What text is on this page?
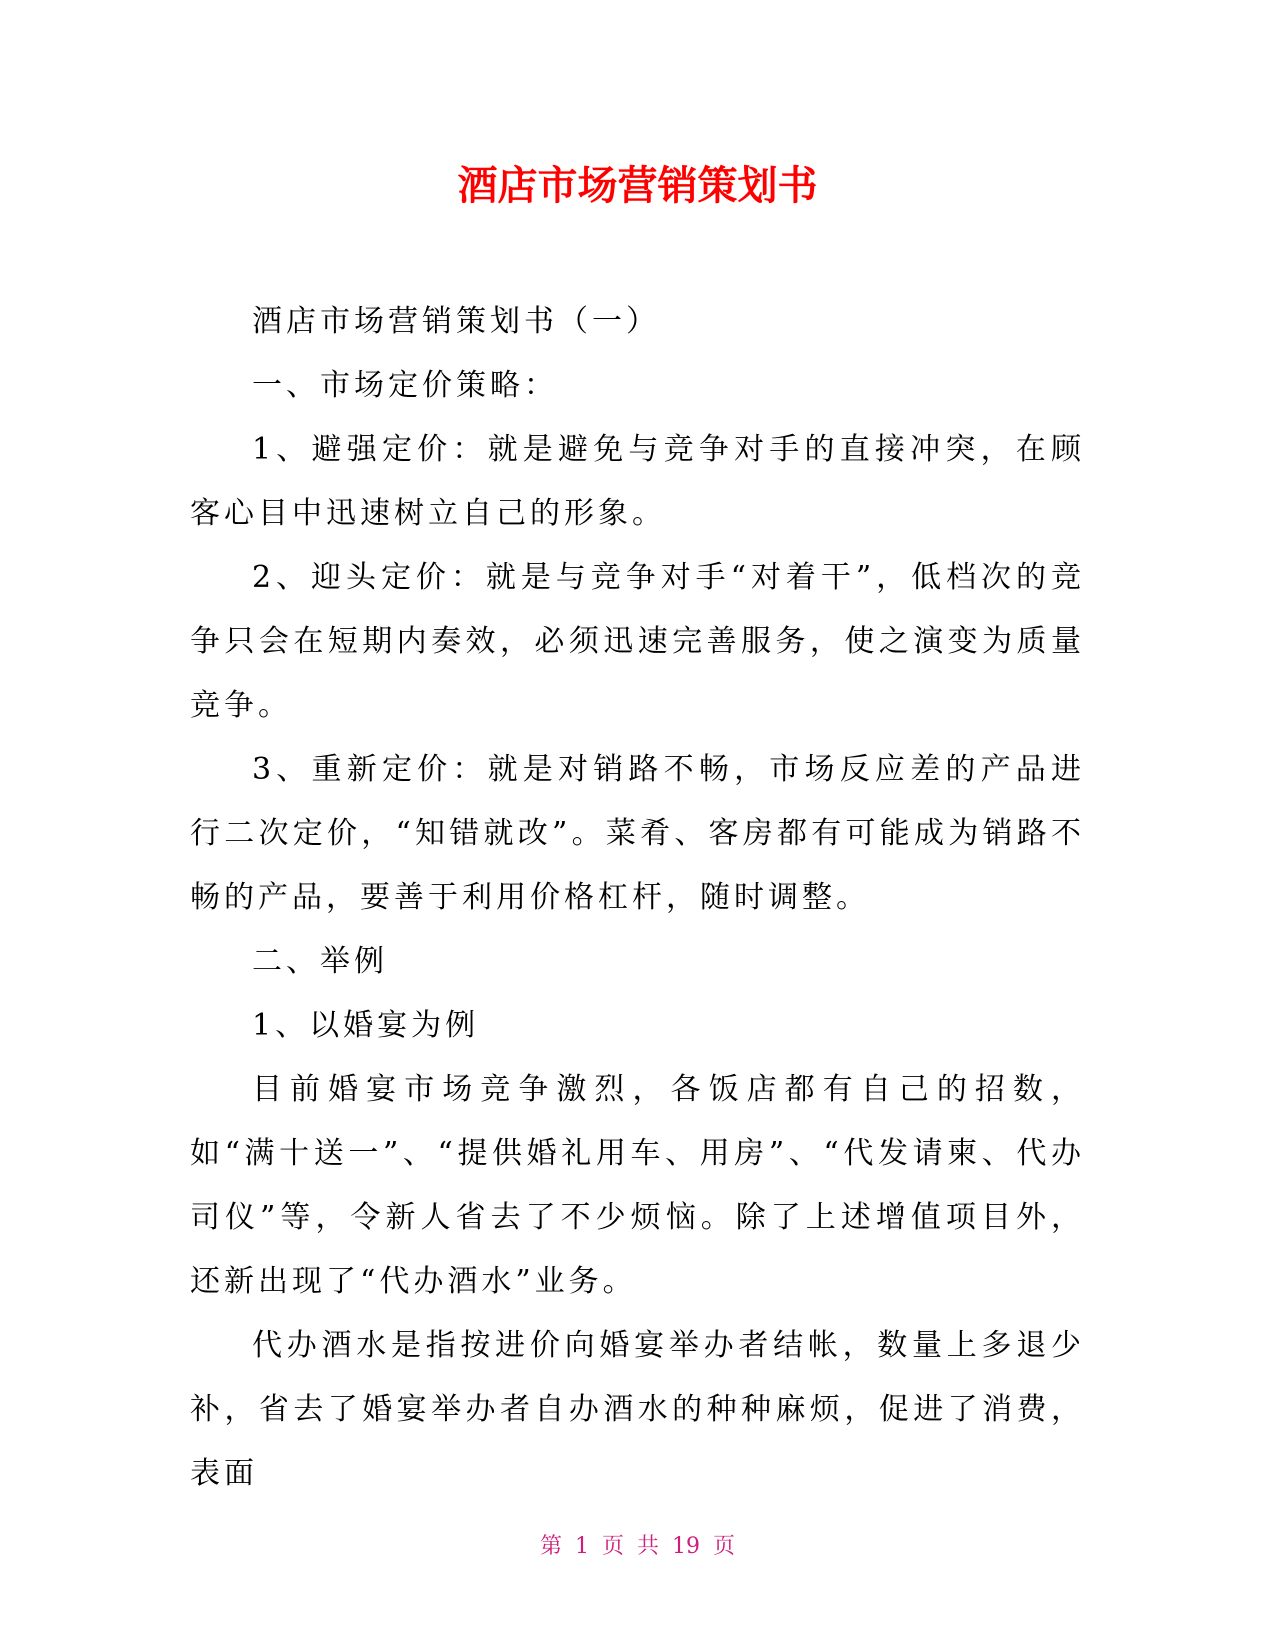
酒店市场营销策划书

酒店市场营销策划书（一）

一、市场定价策略：

1、避强定价：就是避免与竞争对手的直接冲突，在顾客心目中迅速树立自己的形象。

2、迎头定价：就是与竞争对手“对着干”，低档次的竞争只会在短期内奏效，必须迅速完善服务，使之演变为质量竞争。

3、重新定价：就是对销路不畅，市场反应差的产品进行二次定价，“知错就改”。菜肴、客房都有可能成为销路不畅的产品，要善于利用价格杠杆，随时调整。

二、举例

1、以婚宴为例

目前婚宴市场竞争激烈，各饭店都有自己的招数，如“满十送一”、“提供婚礼用车、用房”、“代发请柬、代办司仪”等，令新人省去了不少烦恼。除了上述增值项目外，还新出现了“代办酒水”业务。

代办酒水是指按进价向婚宴举办者结帐，数量上多退少补，省去了婚宴举办者自办酒水的种种麻烦，促进了消费，表面

第 1 页 共 19 页
